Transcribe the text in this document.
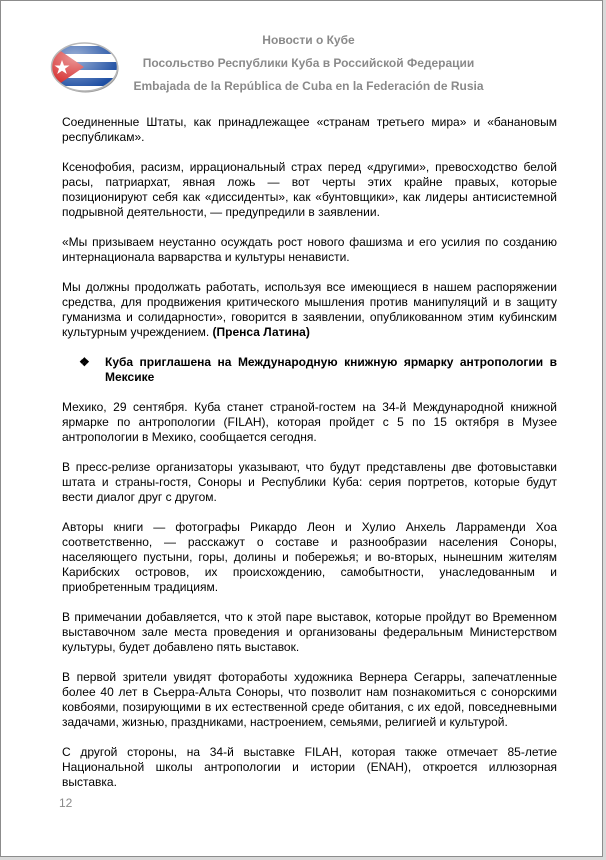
Новости о Кубе
Посольство Республики Куба в Российской Федерации
Embajada de la República de Cuba en la Federación de Rusia

Соединенные Штаты, как принадлежащее «странам третьего мира» и «банановым республикам».

Ксенофобия, расизм, иррациональный страх перед «другими», превосходство белой расы, патриархат, явная ложь — вот черты этих крайне правых, которые позиционируют себя как «диссиденты», как «бунтовщики», как лидеры антисистемной подрывной деятельности, — предупредили в заявлении.

«Мы призываем неустанно осуждать рост нового фашизма и его усилия по созданию интернационала варварства и культуры ненависти.

Мы должны продолжать работать, используя все имеющиеся в нашем распоряжении средства, для продвижения критического мышления против манипуляций и в защиту гуманизма и солидарности», говорится в заявлении, опубликованном этим кубинским культурным учреждением. (Пренса Латина)

❖	Куба приглашена на Международную книжную ярмарку антропологии в Мексике

Мехико, 29 сентября. Куба станет страной-гостем на 34-й Международной книжной ярмарке по антропологии (FILAH), которая пройдет с 5 по 15 октября в Музее антропологии в Мехико, сообщается сегодня.

В пресс-релизе организаторы указывают, что будут представлены две фотовыставки штата и страны-гостя, Соноры и Республики Куба: серия портретов, которые будут вести диалог друг с другом.

Авторы книги — фотографы Рикардо Леон и Хулио Анхель Ларраменди Хоа соответственно, — расскажут о составе и разнообразии населения Соноры, населяющего пустыни, горы, долины и побережья; и во-вторых, нынешним жителям Карибских островов, их происхождению, самобытности, унаследованным и приобретенным традициям.

В примечании добавляется, что к этой паре выставок, которые пройдут во Временном выставочном зале места проведения и организованы федеральным Министерством культуры, будет добавлено пять выставок.

В первой зрители увидят фотоработы художника Вернера Сегарры, запечатленные более 40 лет в Сьерра-Альта Соноры, что позволит нам познакомиться с сонорскими ковбоями, позирующими в их естественной среде обитания, с их едой, повседневными задачами, жизнью, праздниками, настроением, семьями, религией и культурой.

С другой стороны, на 34-й выставке FILAH, которая также отмечает 85-летие Национальной школы антропологии и истории (ENAH), откроется иллюзорная выставка.

12
